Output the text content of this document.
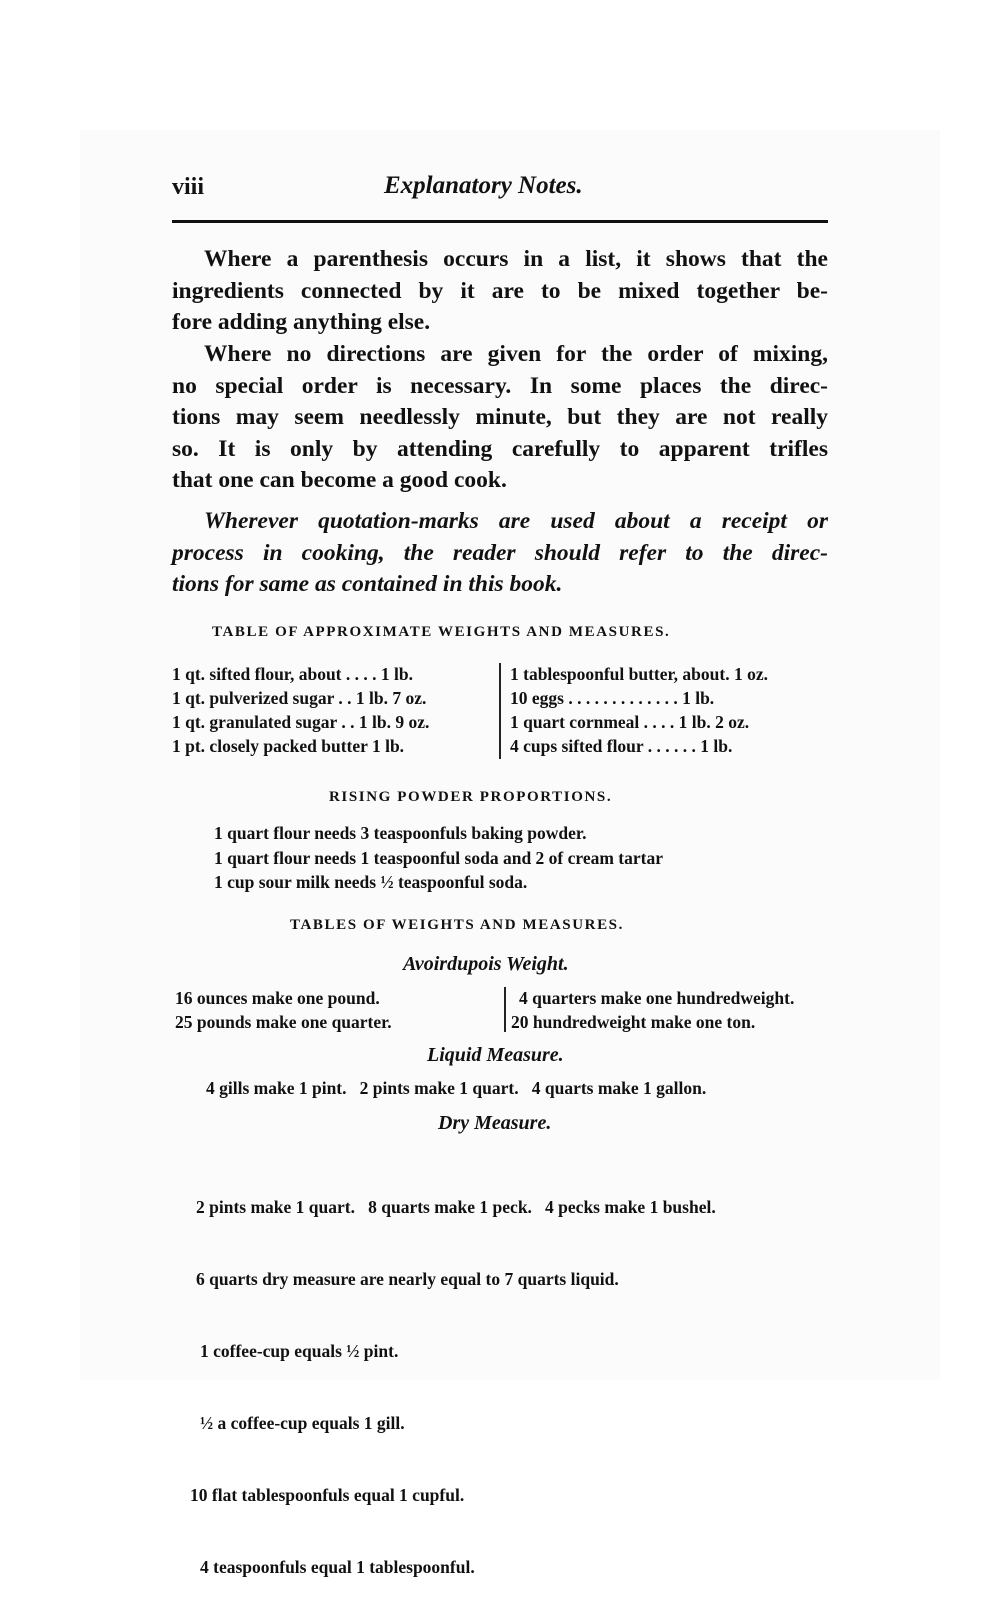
viii	Explanatory Notes.
Where a parenthesis occurs in a list, it shows that the
ingredients connected by it are to be mixed together be-
fore adding anything else.
Where no directions are given for the order of mixing,
no special order is necessary. In some places the direc-
tions may seem needlessly minute, but they are not really
so. It is only by attending carefully to apparent trifles
that one can become a good cook.
Wherever quotation-marks are used about a receipt or
process in cooking, the reader should refer to the direc-
tions for same as contained in this book.
TABLE OF APPROXIMATE WEIGHTS AND MEASURES.
1 qt. sifted flour, about . . . . 1 lb.
1 qt. pulverized sugar . . 1 lb. 7 oz.
1 qt. granulated sugar . . 1 lb. 9 oz.
1 pt. closely packed butter 1 lb.
1 tablespoonful butter, about. 1 oz.
10 eggs . . . . . . . . . . . . . 1 lb.
1 quart cornmeal . . . . 1 lb. 2 oz.
4 cups sifted flour . . . . . . 1 lb.
RISING POWDER PROPORTIONS.
1 quart flour needs 3 teaspoonfuls baking powder.
1 quart flour needs 1 teaspoonful soda and 2 of cream tartar
1 cup sour milk needs ½ teaspoonful soda.
TABLES OF WEIGHTS AND MEASURES.
Avoirdupois Weight.
16 ounces make one pound.
25 pounds make one quarter.
4 quarters make one hundredweight.
20 hundredweight make one ton.
Liquid Measure.
4 gills make 1 pint.   2 pints make 1 quart.   4 quarts make 1 gallon.
Dry Measure.

2 pints make 1 quart.   8 quarts make 1 peck.   4 pecks make 1 bushel.

6 quarts dry measure are nearly equal to 7 quarts liquid.

1 coffee-cup equals ½ pint.

½ a coffee-cup equals 1 gill.

10 flat tablespoonfuls equal 1 cupful.

4 teaspoonfuls equal 1 tablespoonful.
